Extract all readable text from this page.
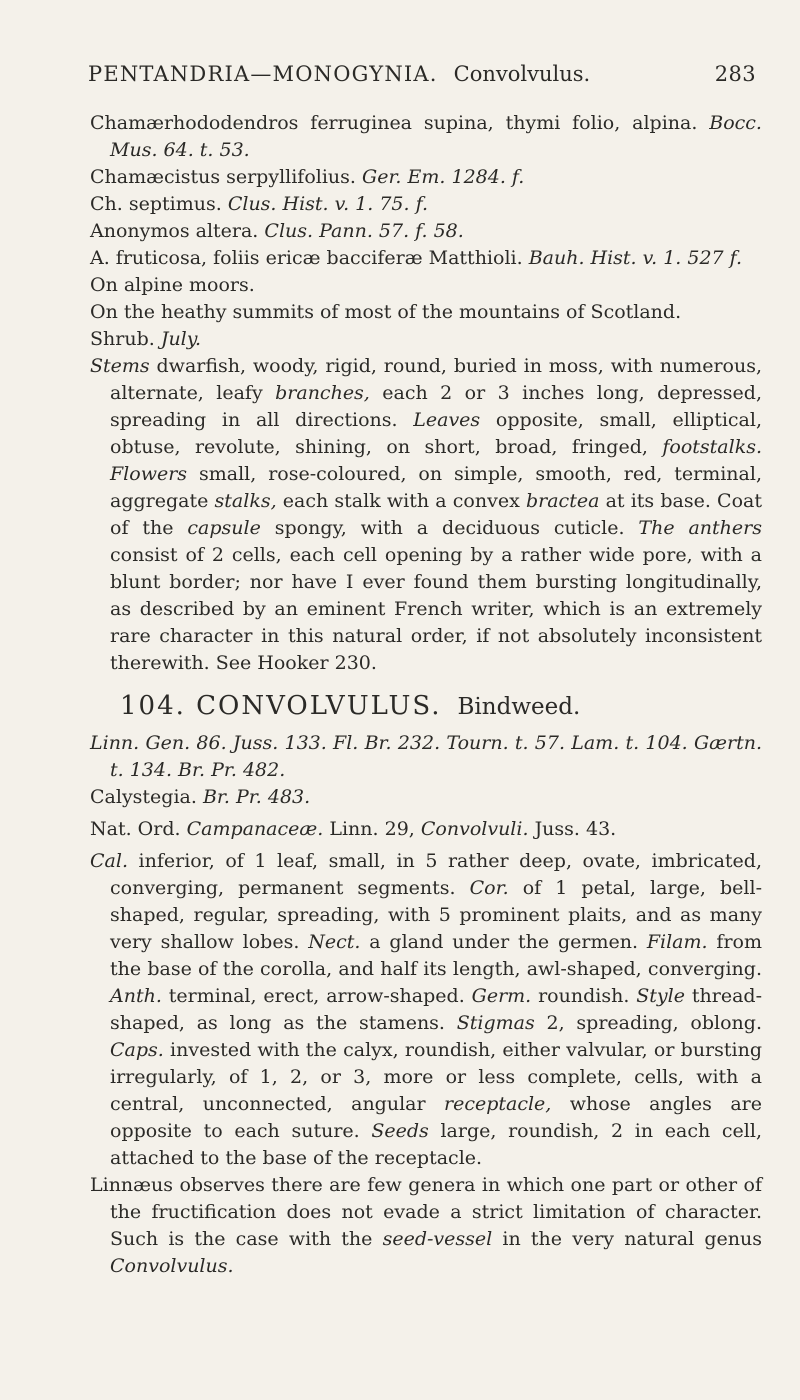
PENTANDRIA—MONOGYNIA. Convolvulus.	283

Chamærhododendros ferruginea supina, thymi folio, alpina. Bocc. Mus. 64. t. 53.

Chamæcistus serpyllifolius. Ger. Em. 1284. f.

Ch. septimus. Clus. Hist. v. 1. 75. f.

Anonymos altera. Clus. Pann. 57. f. 58.

A. fruticosa, foliis ericæ bacciferæ Matthioli. Bauh. Hist. v. 1. 527 f.

On alpine moors.

On the heathy summits of most of the mountains of Scotland.

Shrub. July.

Stems dwarfish, woody, rigid, round, buried in moss, with numerous, alternate, leafy branches, each 2 or 3 inches long, depressed, spreading in all directions. Leaves opposite, small, elliptical, obtuse, revolute, shining, on short, broad, fringed, footstalks. Flowers small, rose-coloured, on simple, smooth, red, terminal, aggregate stalks, each stalk with a convex bractea at its base. Coat of the capsule spongy, with a deciduous cuticle. The anthers consist of 2 cells, each cell opening by a rather wide pore, with a blunt border; nor have I ever found them bursting longitudinally, as described by an eminent French writer, which is an extremely rare character in this natural order, if not absolutely inconsistent therewith. See Hooker 230.

104. CONVOLVULUS. Bindweed.

Linn. Gen. 86. Juss. 133. Fl. Br. 232. Tourn. t. 57. Lam. t. 104. Gærtn. t. 134. Br. Pr. 482.

Calystegia. Br. Pr. 483.

Nat. Ord. Campanaceæ. Linn. 29, Convolvuli. Juss. 43.

Cal. inferior, of 1 leaf, small, in 5 rather deep, ovate, imbricated, converging, permanent segments. Cor. of 1 petal, large, bell-shaped, regular, spreading, with 5 prominent plaits, and as many very shallow lobes. Nect. a gland under the germen. Filam. from the base of the corolla, and half its length, awl-shaped, converging. Anth. terminal, erect, arrow-shaped. Germ. roundish. Style thread-shaped, as long as the stamens. Stigmas 2, spreading, oblong. Caps. invested with the calyx, roundish, either valvular, or bursting irregularly, of 1, 2, or 3, more or less complete, cells, with a central, unconnected, angular receptacle, whose angles are opposite to each suture. Seeds large, roundish, 2 in each cell, attached to the base of the receptacle.

Linnæus observes there are few genera in which one part or other of the fructification does not evade a strict limitation of character. Such is the case with the seed-vessel in the very natural genus Convolvulus.
